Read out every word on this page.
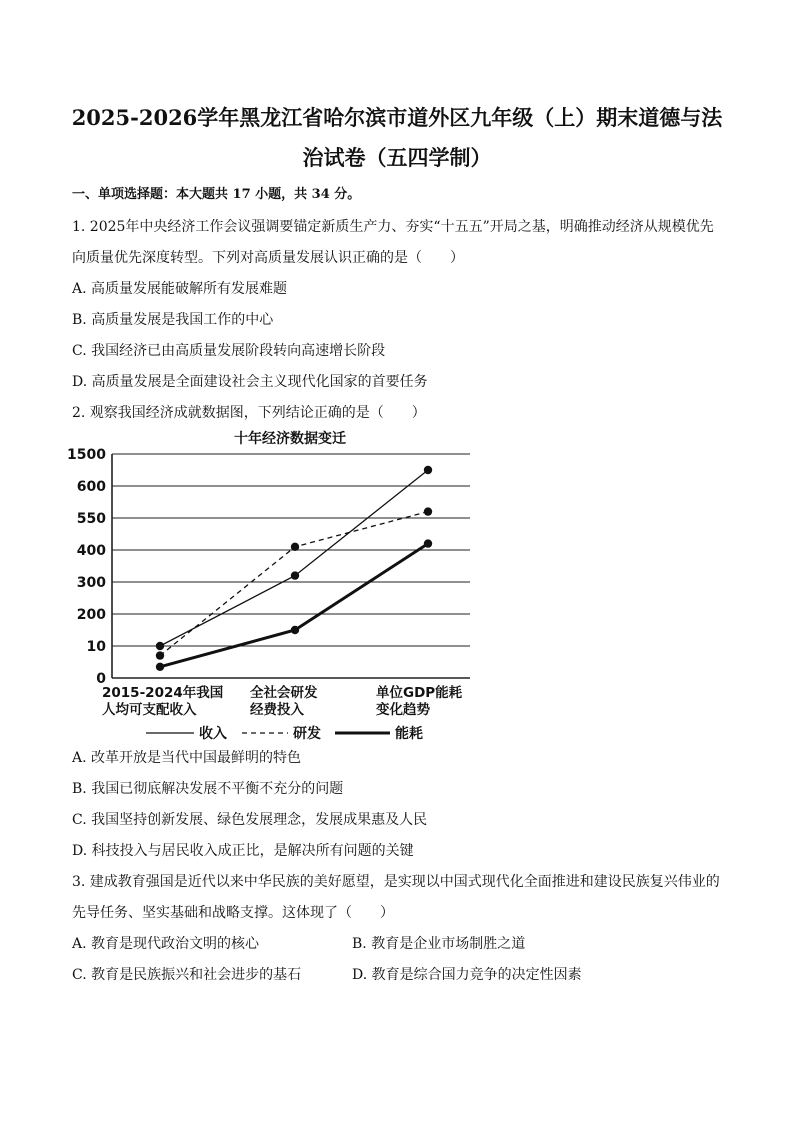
2025-2026学年黑龙江省哈尔滨市道外区九年级（上）期末道德与法
治试卷（五四学制）
一、单项选择题：本大题共 17 小题，共 34 分。
1. 2025年中央经济工作会议强调要锚定新质生产力、夯实“十五五”开局之基，明确推动经济从规模优先
向质量优先深度转型。下列对高质量发展认识正确的是（　　）
A. 高质量发展能破解所有发展难题
B. 高质量发展是我国工作的中心
C. 我国经济已由高质量发展阶段转向高速增长阶段
D. 高质量发展是全面建设社会主义现代化国家的首要任务
2. 观察我国经济成就数据图，下列结论正确的是（　　）
十年经济数据变迁
1500
600
550
400
300
200
10
0
2015-2024年我国
人均可支配收入
全社会研发
经费投入
单位GDP能耗
变化趋势
收入	研发	能耗
A. 改革开放是当代中国最鲜明的特色
B. 我国已彻底解决发展不平衡不充分的问题
C. 我国坚持创新发展、绿色发展理念，发展成果惠及人民
D. 科技投入与居民收入成正比，是解决所有问题的关键
3. 建成教育强国是近代以来中华民族的美好愿望，是实现以中国式现代化全面推进和建设民族复兴伟业的
先导任务、坚实基础和战略支撑。这体现了（　　）
A. 教育是现代政治文明的核心	B. 教育是企业市场制胜之道
C. 教育是民族振兴和社会进步的基石	D. 教育是综合国力竞争的决定性因素
